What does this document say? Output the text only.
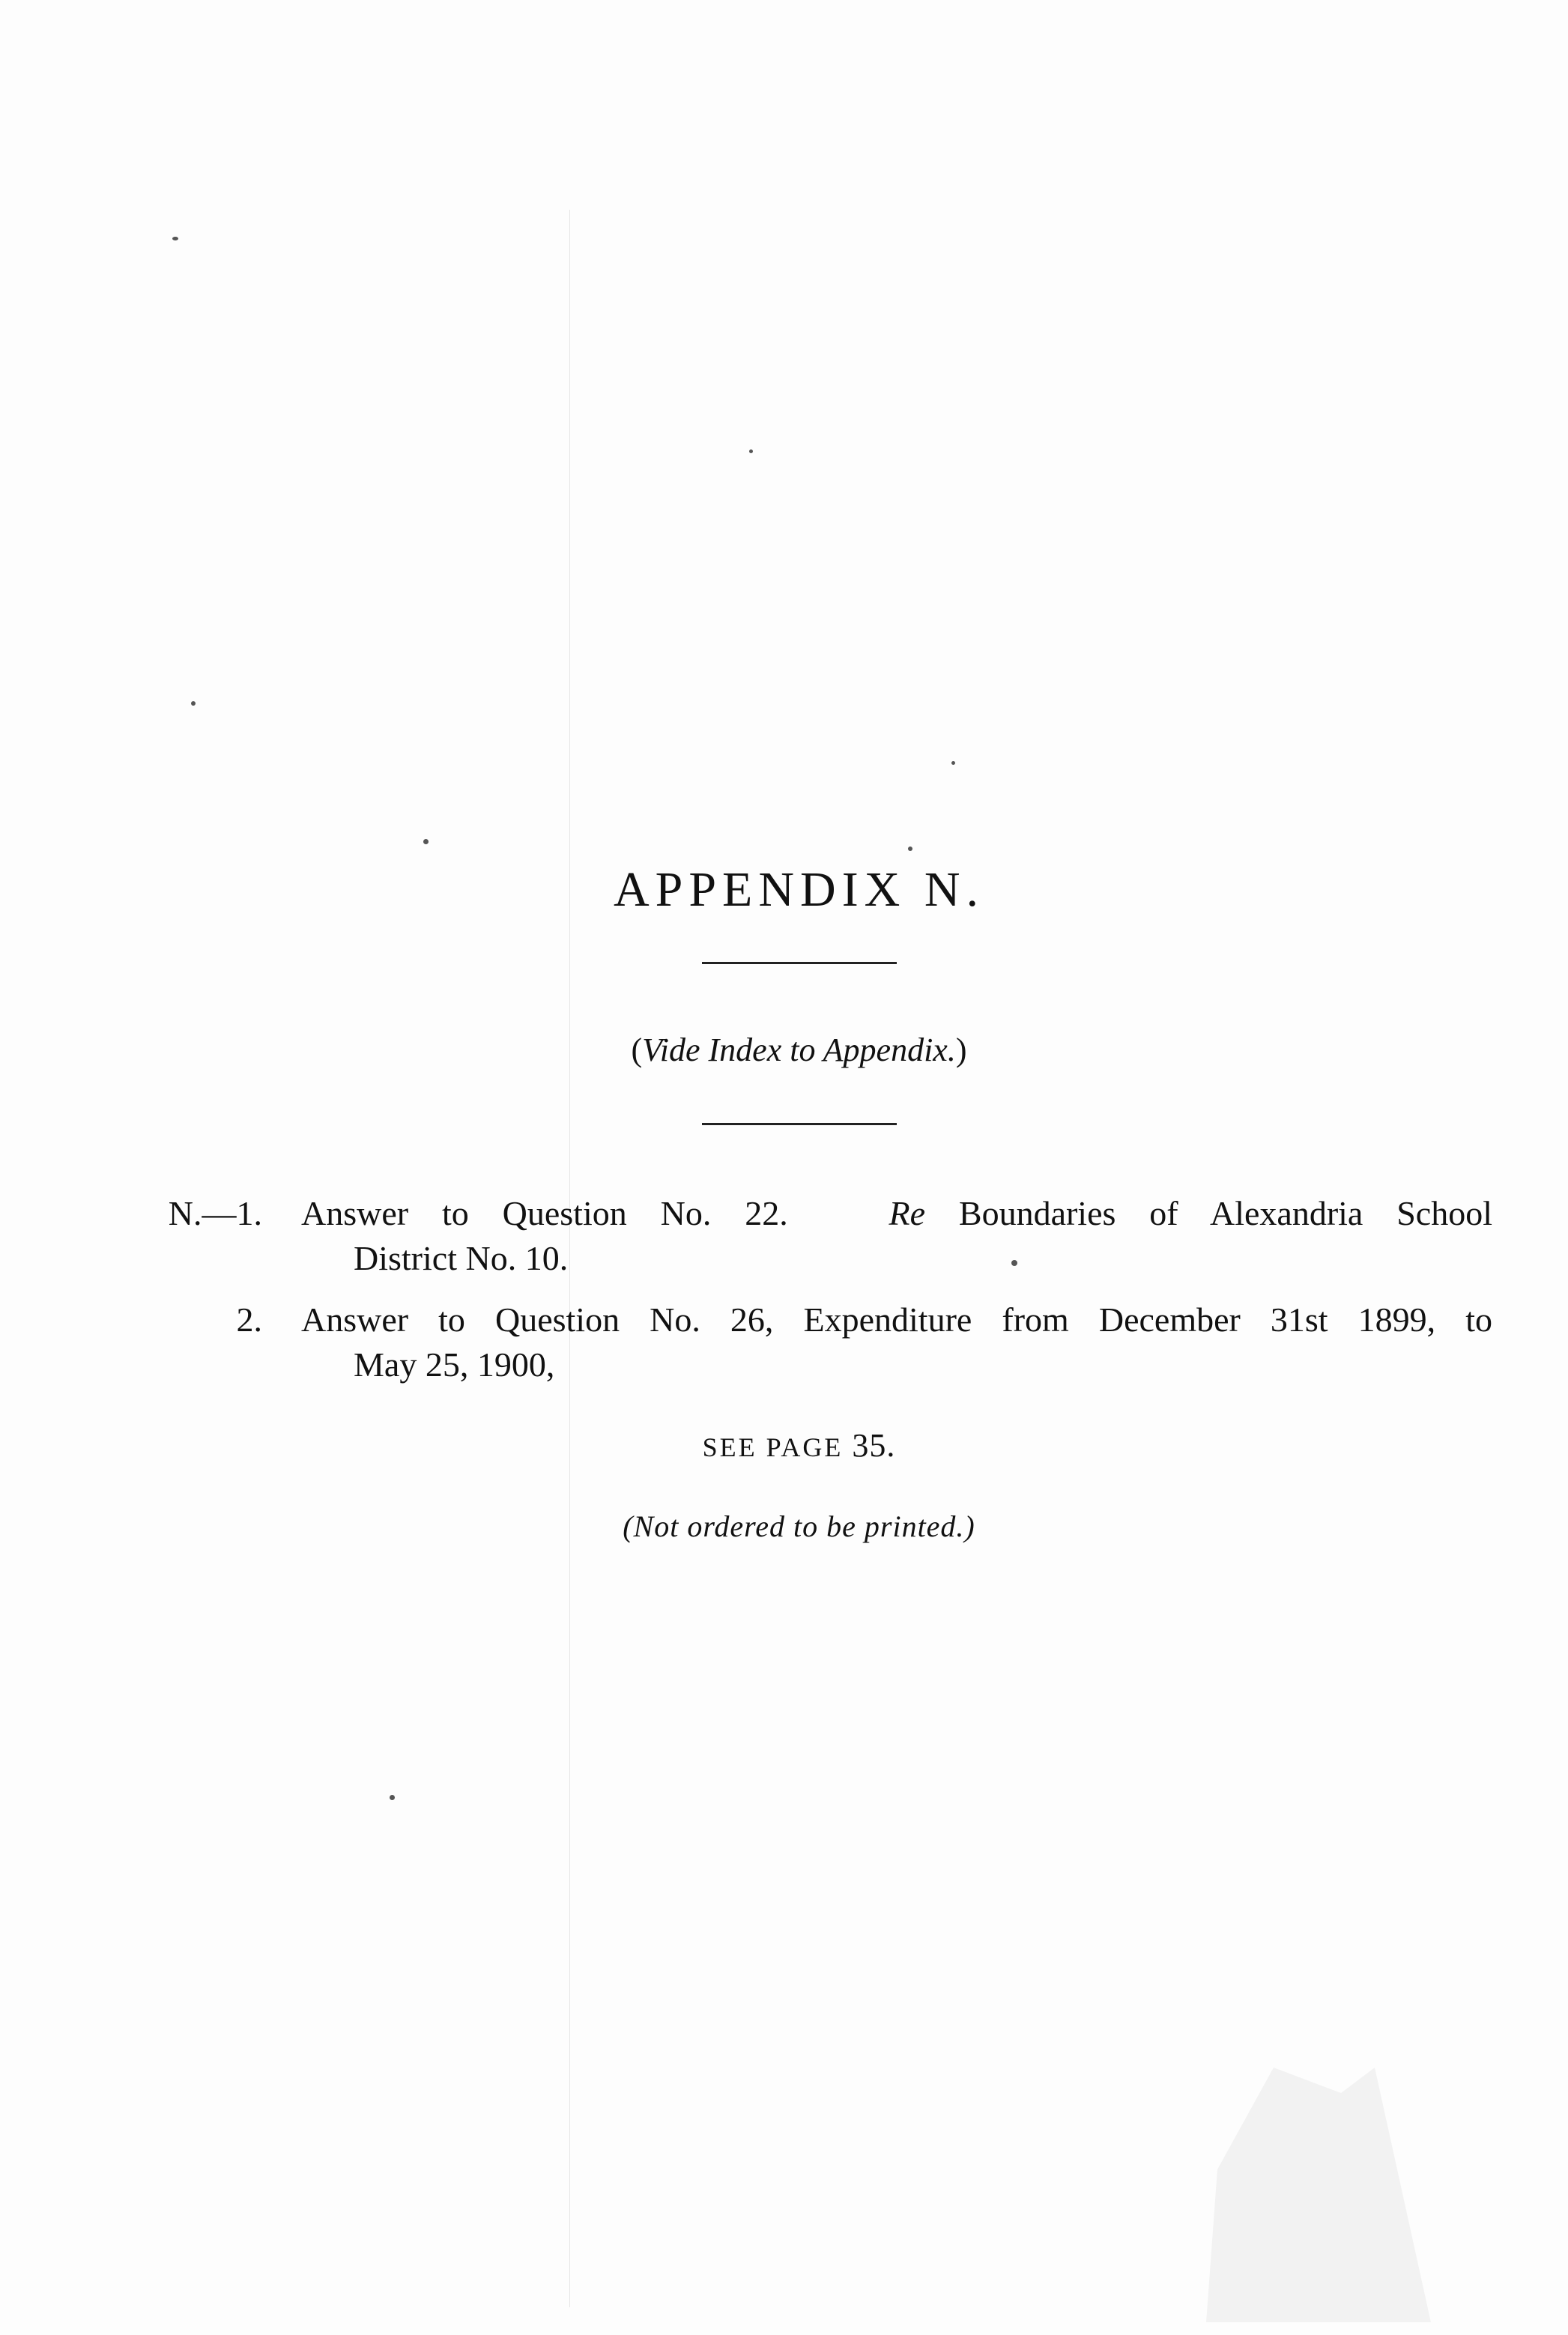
APPENDIX N.
(Vide Index to Appendix.)
N.—1. Answer to Question No. 22.	Re Boundaries of Alexandria School
District No. 10.
2. Answer to Question No. 26, Expenditure from December 31st 1899, to
May 25, 1900,
SEE PAGE 35.
(Not ordered to be printed.)
